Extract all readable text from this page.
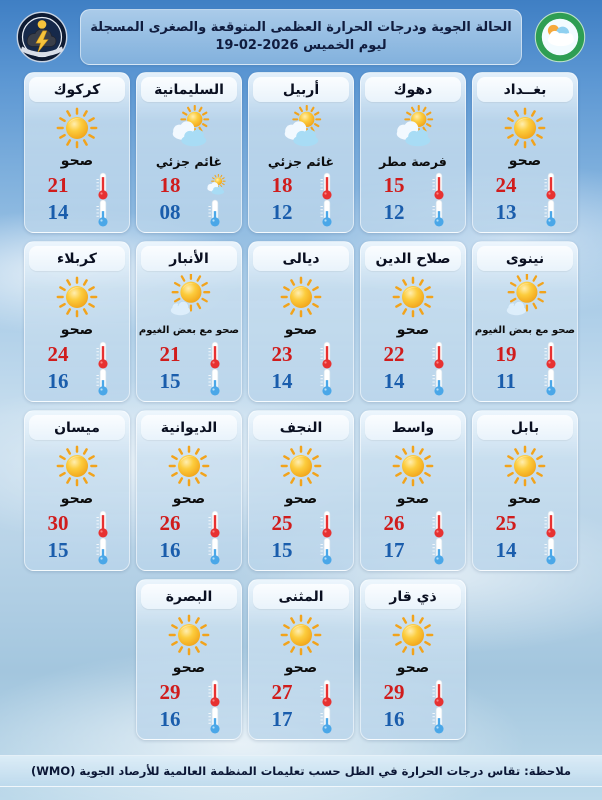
الحالة الجوية ودرجات الحرارة العظمى المتوقعة والصغرى المسجلة ليوم الخميس 2026-02-19
بغــداد
صحو
24
13
دهوك
فرصة مطر
15
12
أربيل
غائم جزئي
18
12
السليمانية
غائم جزئي
18
08
كركوك
صحو
21
14
نينوى
صحو مع بعض الغيوم
19
11
صلاح الدين
صحو
22
14
ديالى
صحو
23
14
الأنبار
صحو مع بعض الغيوم
21
15
كربلاء
صحو
24
16
بابل
صحو
25
14
واسط
صحو
26
17
النجف
صحو
25
15
الديوانية
صحو
26
16
ميسان
صحو
30
15
ذي قار
صحو
29
16
المثنى
صحو
27
17
البصرة
صحو
29
16
ملاحظة: تقاس درجات الحرارة في الظل حسب تعليمات المنظمة العالمية للأرصاد الجوية (WMO)
